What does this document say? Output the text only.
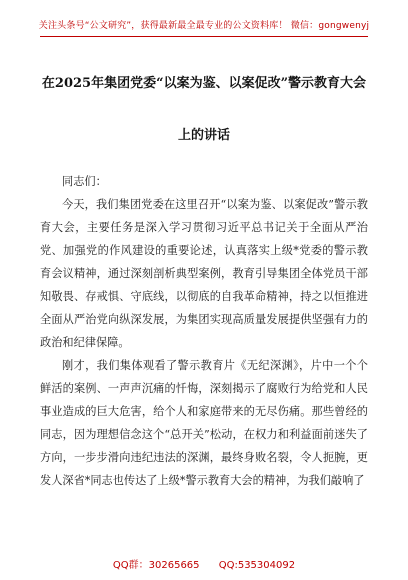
关注头条号“公文研究”，获得最新最全最专业的公文资料库！ 微信：gongwenyj
在2025年集团党委“以案为鉴、以案促改”警示教育大会
上的讲话

同志们：

今天，我们集团党委在这里召开“以案为鉴、以案促改”警示教育大会，主要任务是深入学习贯彻习近平总书记关于全面从严治党、加强党的作风建设的重要论述，认真落实上级*党委的警示教育会议精神，通过深刻剖析典型案例，教育引导集团全体党员干部知敬畏、存戒惧、守底线，以彻底的自我革命精神，持之以恒推进全面从严治党向纵深发展，为集团实现高质量发展提供坚强有力的政治和纪律保障。

刚才，我们集体观看了警示教育片《无纪深渊》，片中一个个鲜活的案例、一声声沉痛的忏悔，深刻揭示了腐败行为给党和人民事业造成的巨大危害，给个人和家庭带来的无尽伤痛。那些曾经的同志，因为理想信念这个“总开关”松动，在权力和利益面前迷失了方向，一步步滑向违纪违法的深渊，最终身败名裂，令人扼腕，更发人深省*同志也传达了上级*警示教育大会的精神，为我们敲响了

QQ群：30265665 QQ:535304092
